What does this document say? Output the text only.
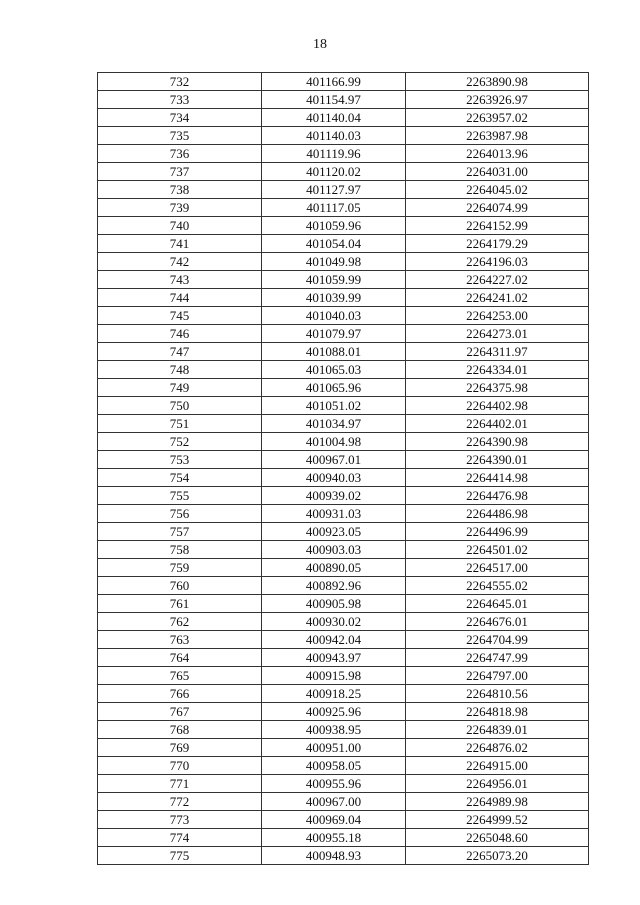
18
732	401166.99	2263890.98
733	401154.97	2263926.97
734	401140.04	2263957.02
735	401140.03	2263987.98
736	401119.96	2264013.96
737	401120.02	2264031.00
738	401127.97	2264045.02
739	401117.05	2264074.99
740	401059.96	2264152.99
741	401054.04	2264179.29
742	401049.98	2264196.03
743	401059.99	2264227.02
744	401039.99	2264241.02
745	401040.03	2264253.00
746	401079.97	2264273.01
747	401088.01	2264311.97
748	401065.03	2264334.01
749	401065.96	2264375.98
750	401051.02	2264402.98
751	401034.97	2264402.01
752	401004.98	2264390.98
753	400967.01	2264390.01
754	400940.03	2264414.98
755	400939.02	2264476.98
756	400931.03	2264486.98
757	400923.05	2264496.99
758	400903.03	2264501.02
759	400890.05	2264517.00
760	400892.96	2264555.02
761	400905.98	2264645.01
762	400930.02	2264676.01
763	400942.04	2264704.99
764	400943.97	2264747.99
765	400915.98	2264797.00
766	400918.25	2264810.56
767	400925.96	2264818.98
768	400938.95	2264839.01
769	400951.00	2264876.02
770	400958.05	2264915.00
771	400955.96	2264956.01
772	400967.00	2264989.98
773	400969.04	2264999.52
774	400955.18	2265048.60
775	400948.93	2265073.20
